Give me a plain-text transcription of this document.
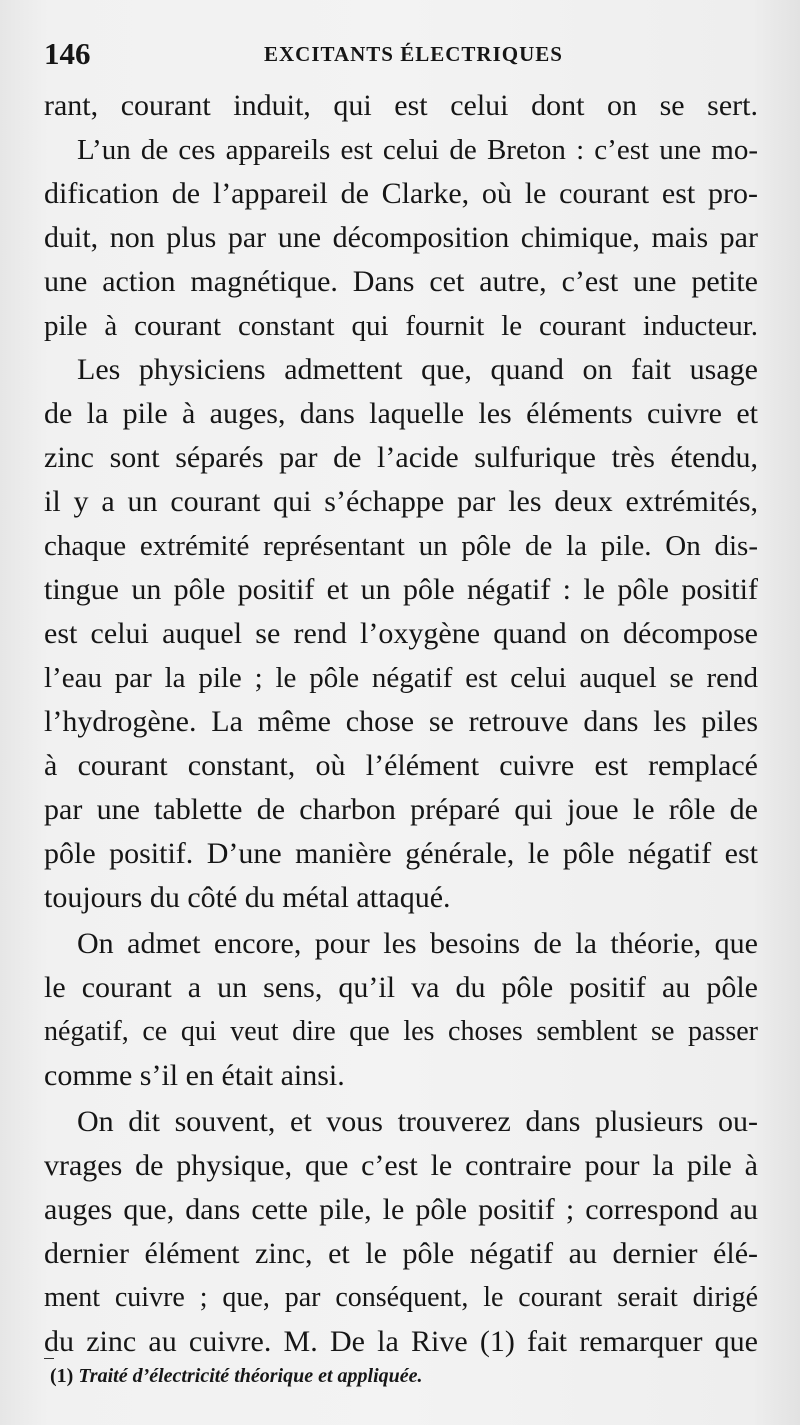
146	EXCITANTS ÉLECTRIQUES
rant, courant induit, qui est celui dont on se sert.
L’un de ces appareils est celui de Breton : c’est une mo-
dification de l’appareil de Clarke, où le courant est pro-
duit, non plus par une décomposition chimique, mais par
une action magnétique. Dans cet autre, c’est une petite
pile à courant constant qui fournit le courant inducteur.
Les physiciens admettent que, quand on fait usage
de la pile à auges, dans laquelle les éléments cuivre et
zinc sont séparés par de l’acide sulfurique très étendu,
il y a un courant qui s’échappe par les deux extrémités,
chaque extrémité représentant un pôle de la pile. On dis-
tingue un pôle positif et un pôle négatif : le pôle positif
est celui auquel se rend l’oxygène quand on décompose
l’eau par la pile ; le pôle négatif est celui auquel se rend
l’hydrogène. La même chose se retrouve dans les piles
à courant constant, où l’élément cuivre est remplacé
par une tablette de charbon préparé qui joue le rôle de
pôle positif. D’une manière générale, le pôle négatif est
toujours du côté du métal attaqué.
On admet encore, pour les besoins de la théorie, que
le courant a un sens, qu’il va du pôle positif au pôle
négatif, ce qui veut dire que les choses semblent se passer
comme s’il en était ainsi.
On dit souvent, et vous trouverez dans plusieurs ou-
vrages de physique, que c’est le contraire pour la pile à
auges que, dans cette pile, le pôle positif ; correspond au
dernier élément zinc, et le pôle négatif au dernier élé-
ment cuivre ; que, par conséquent, le courant serait dirigé
du zinc au cuivre. M. De la Rive (1) fait remarquer que
(1) Traité d’électricité théorique et appliquée.
